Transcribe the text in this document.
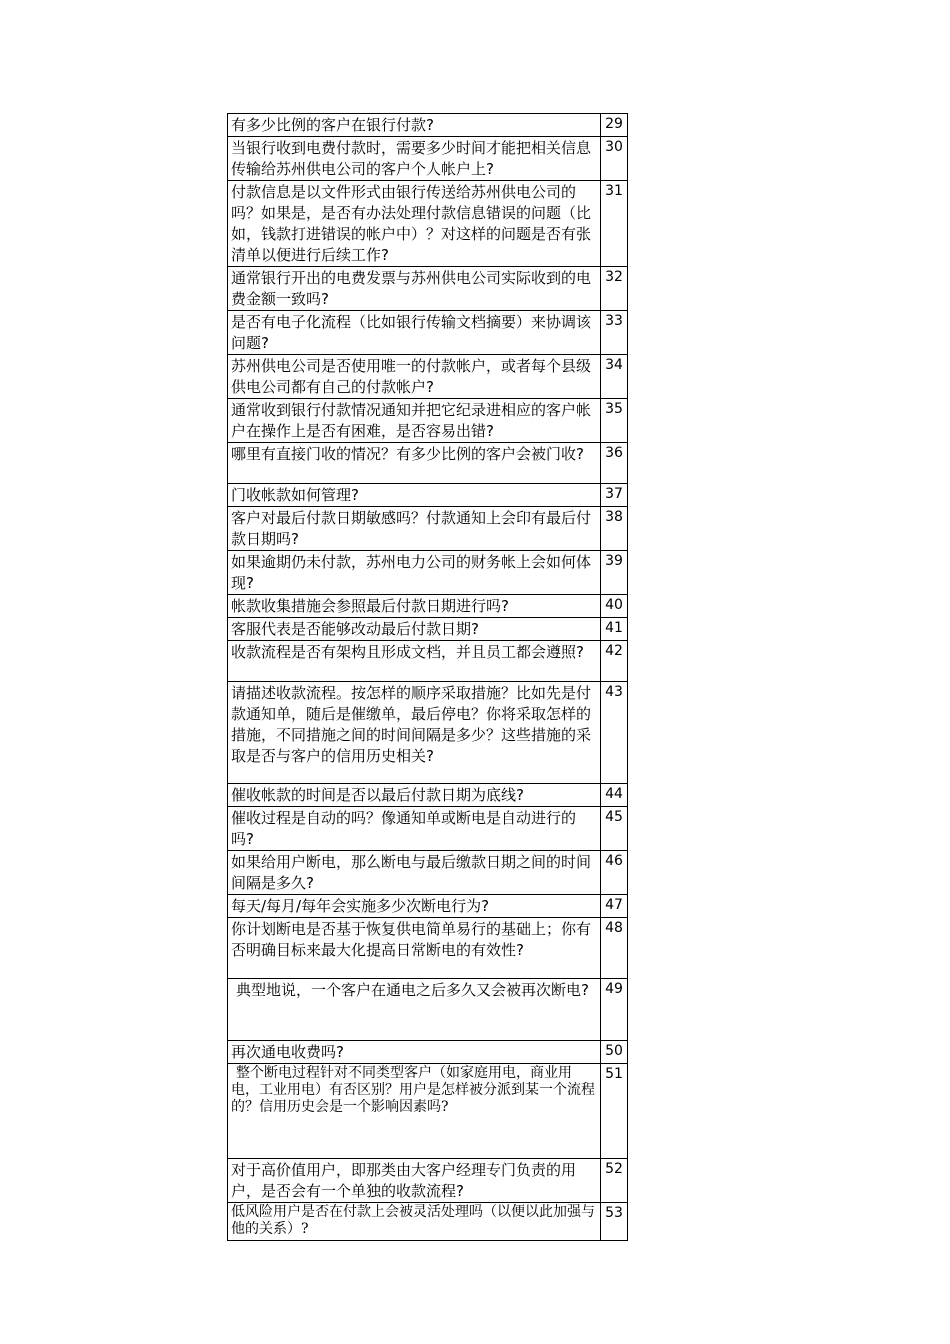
有多少比例的客户在银行付款?	29
当银行收到电费付款时，需要多少时间才能把相关信息传输给苏州供电公司的客户个人帐户上?	30
付款信息是以文件形式由银行传送给苏州供电公司的吗？如果是，是否有办法处理付款信息错误的问题（比如，钱款打进错误的帐户中）？对这样的问题是否有张清单以便进行后续工作?	31
通常银行开出的电费发票与苏州供电公司实际收到的电费金额一致吗?	32
是否有电子化流程（比如银行传输文档摘要）来协调该问题?	33
苏州供电公司是否使用唯一的付款帐户，或者每个县级供电公司都有自己的付款帐户?	34
通常收到银行付款情况通知并把它纪录进相应的客户帐户在操作上是否有困难，是否容易出错?	35
哪里有直接门收的情况？有多少比例的客户会被门收?	36
门收帐款如何管理?	37
客户对最后付款日期敏感吗？付款通知上会印有最后付款日期吗?	38
如果逾期仍未付款，苏州电力公司的财务帐上会如何体现?	39
帐款收集措施会参照最后付款日期进行吗?	40
客服代表是否能够改动最后付款日期?	41
收款流程是否有架构且形成文档，并且员工都会遵照?	42
请描述收款流程。按怎样的顺序采取措施？比如先是付款通知单，随后是催缴单，最后停电？你将采取怎样的措施，不同措施之间的时间间隔是多少？这些措施的采取是否与客户的信用历史相关?	43
催收帐款的时间是否以最后付款日期为底线?	44
催收过程是自动的吗？像通知单或断电是自动进行的吗?	45
如果给用户断电，那么断电与最后缴款日期之间的时间间隔是多久?	46
每天/每月/每年会实施多少次断电行为?	47
你计划断电是否基于恢复供电简单易行的基础上；你有否明确目标来最大化提高日常断电的有效性?	48
典型地说，一个客户在通电之后多久又会被再次断电?	49
再次通电收费吗?	50
整个断电过程针对不同类型客户（如家庭用电，商业用电，工业用电）有否区别？用户是怎样被分派到某一个流程的？信用历史会是一个影响因素吗?	51
对于高价值用户，即那类由大客户经理专门负责的用户，是否会有一个单独的收款流程?	52
低风险用户是否在付款上会被灵活处理吗（以便以此加强与他的关系）?	53
